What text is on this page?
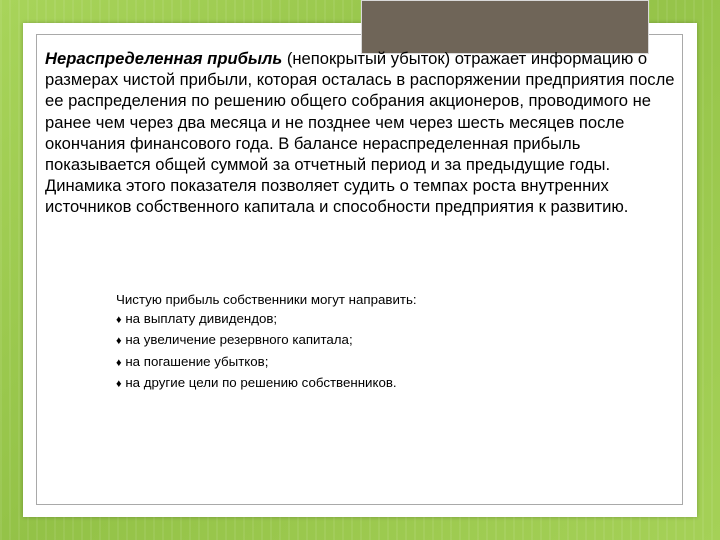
Нераспределенная прибыль (непокрытый убыток) отражает информацию о размерах чистой прибыли, которая осталась в распоряжении предприятия после ее распределения по решению общего собрания акционеров, проводимого не ранее чем через два месяца и не позднее чем через шесть месяцев после окончания финансового года. В балансе нераспределенная прибыль показывается общей суммой за отчетный период и за предыдущие годы.

Динамика этого показателя позволяет судить о темпах роста внутренних источников собственного капитала и способности предприятия к развитию.

Чистую прибыль собственники могут направить:
♦ на выплату дивидендов;
♦ на увеличение резервного капитала;
♦ на погашение убытков;
♦ на другие цели по решению собственников.
